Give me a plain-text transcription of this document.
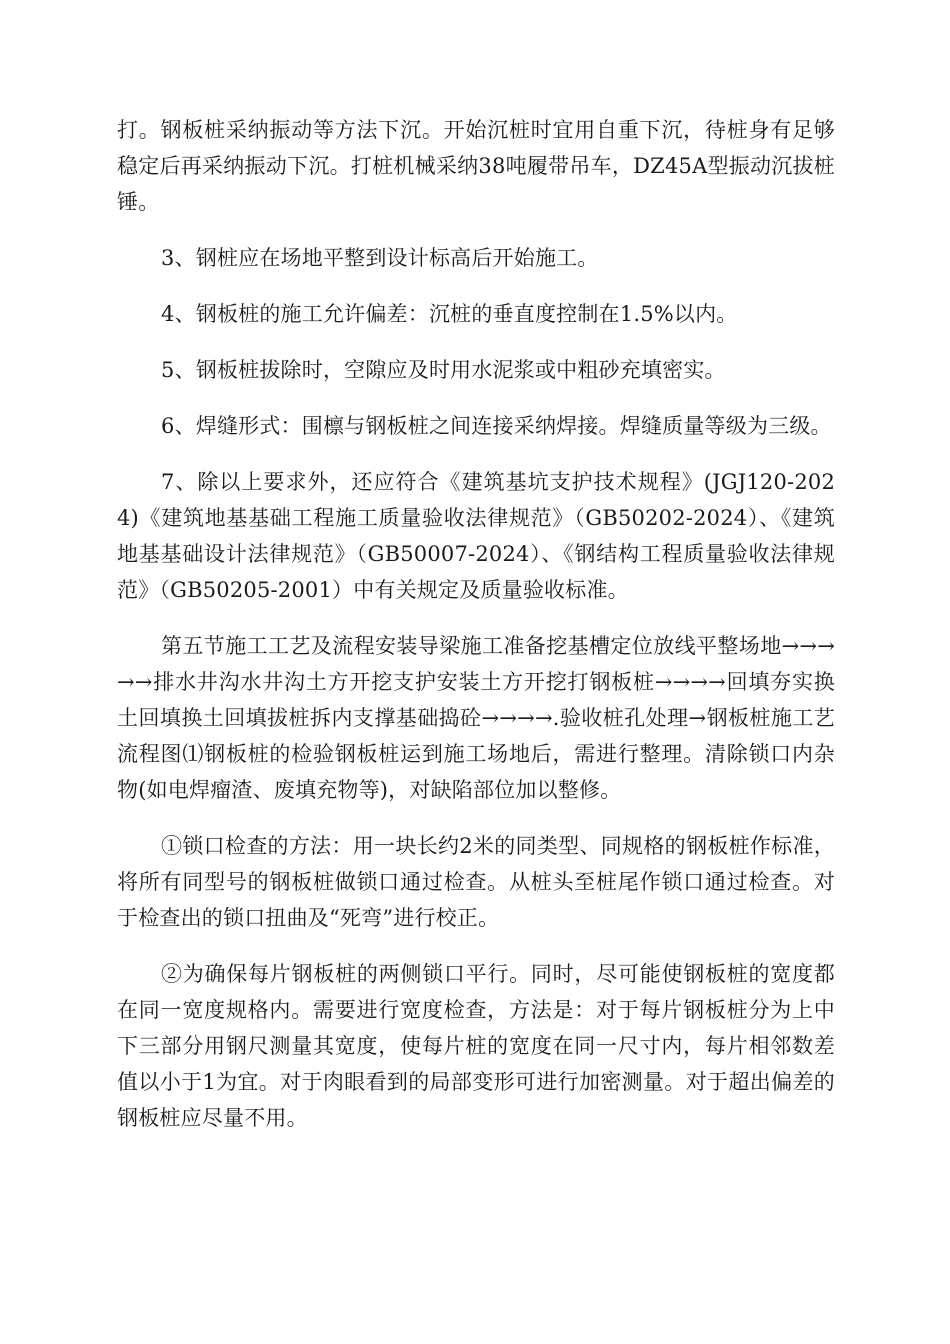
打。钢板桩采纳振动等方法下沉。开始沉桩时宜用自重下沉，待桩身有足够稳定后再采纳振动下沉。打桩机械采纳38吨履带吊车，DZ45A型振动沉拔桩锤。

3、钢桩应在场地平整到设计标高后开始施工。

4、钢板桩的施工允许偏差：沉桩的垂直度控制在1.5%以内。

5、钢板桩拔除时，空隙应及时用水泥浆或中粗砂充填密实。

6、焊缝形式：围檩与钢板桩之间连接采纳焊接。焊缝质量等级为三级。

7、除以上要求外，还应符合《建筑基坑支护技术规程》(JGJ120-2024)《建筑地基基础工程施工质量验收法律规范》（GB50202-2024）、《建筑地基基础设计法律规范》（GB50007-2024）、《钢结构工程质量验收法律规范》（GB50205-2001）中有关规定及质量验收标准。

第五节施工工艺及流程安装导梁施工准备挖基槽定位放线平整场地→→→→→排水井沟水井沟土方开挖支护安装土方开挖打钢板桩→→→→回填夯实换土回填换土回填拔桩拆内支撑基础捣砼→→→→.验收桩孔处理→钢板桩施工艺流程图⑴钢板桩的检验钢板桩运到施工场地后，需进行整理。清除锁口内杂物(如电焊瘤渣、废填充物等)，对缺陷部位加以整修。

①锁口检查的方法：用一块长约2米的同类型、同规格的钢板桩作标准，将所有同型号的钢板桩做锁口通过检查。从桩头至桩尾作锁口通过检查。对于检查出的锁口扭曲及“死弯”进行校正。

②为确保每片钢板桩的两侧锁口平行。同时，尽可能使钢板桩的宽度都在同一宽度规格内。需要进行宽度检查，方法是：对于每片钢板桩分为上中下三部分用钢尺测量其宽度，使每片桩的宽度在同一尺寸内，每片相邻数差值以小于1为宜。对于肉眼看到的局部变形可进行加密测量。对于超出偏差的钢板桩应尽量不用。
